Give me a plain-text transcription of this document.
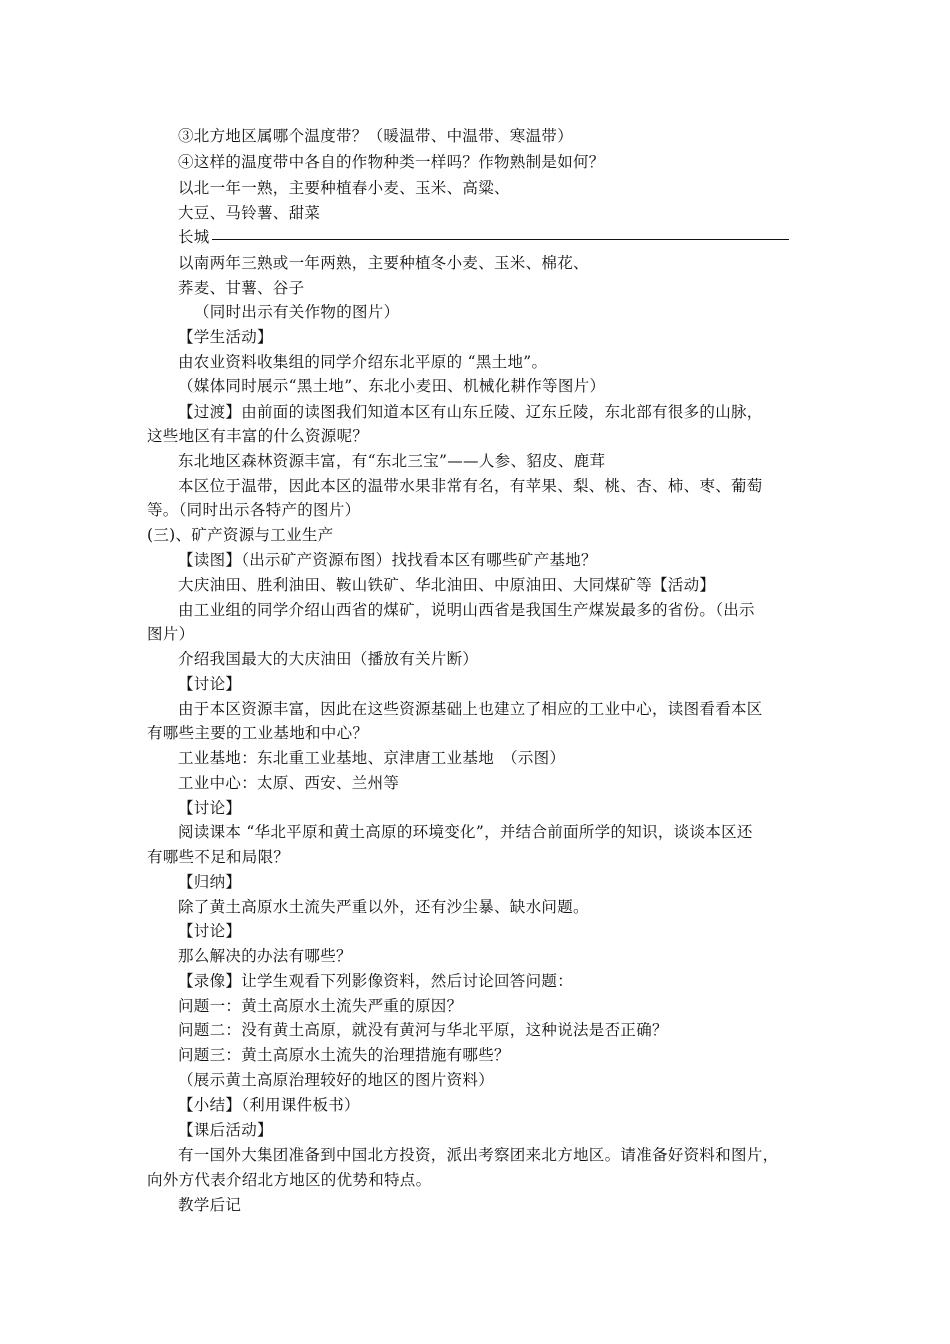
③北方地区属哪个温度带？（暖温带、中温带、寒温带）
④这样的温度带中各自的作物种类一样吗？作物熟制是如何？
以北一年一熟，主要种植春小麦、玉米、高粱、
大豆、马铃薯、甜菜
长城
以南两年三熟或一年两熟，主要种植冬小麦、玉米、棉花、
荞麦、甘薯、谷子
（同时出示有关作物的图片）
【学生活动】
由农业资料收集组的同学介绍东北平原的 “黑土地”。
（媒体同时展示“黑土地”、东北小麦田、机械化耕作等图片）
【过渡】由前面的读图我们知道本区有山东丘陵、辽东丘陵，东北部有很多的山脉，
这些地区有丰富的什么资源呢？
东北地区森林资源丰富，有“东北三宝”——人参、貂皮、鹿茸
本区位于温带，因此本区的温带水果非常有名，有苹果、梨、桃、杏、柿、枣、葡萄
等。（同时出示各特产的图片）
(三)、矿产资源与工业生产
【读图】（出示矿产资源布图）找找看本区有哪些矿产基地？
大庆油田、胜利油田、鞍山铁矿、华北油田、中原油田、大同煤矿等【活动】
由工业组的同学介绍山西省的煤矿，说明山西省是我国生产煤炭最多的省份。（出示
图片）
介绍我国最大的大庆油田（播放有关片断）
【讨论】
由于本区资源丰富，因此在这些资源基础上也建立了相应的工业中心，读图看看本区
有哪些主要的工业基地和中心？
工业基地：东北重工业基地、京津唐工业基地　（示图）
工业中心：太原、西安、兰州等
【讨论】
阅读课本 “华北平原和黄土高原的环境变化”，并结合前面所学的知识，谈谈本区还
有哪些不足和局限？
【归纳】
除了黄土高原水土流失严重以外，还有沙尘暴、缺水问题。
【讨论】
那么解决的办法有哪些？
【录像】让学生观看下列影像资料，然后讨论回答问题：
问题一：黄土高原水土流失严重的原因？
问题二：没有黄土高原，就没有黄河与华北平原，这种说法是否正确？
问题三：黄土高原水土流失的治理措施有哪些？
（展示黄土高原治理较好的地区的图片资料）
【小结】（利用课件板书）
【课后活动】
有一国外大集团准备到中国北方投资，派出考察团来北方地区。请准备好资料和图片，
向外方代表介绍北方地区的优势和特点。
教学后记
